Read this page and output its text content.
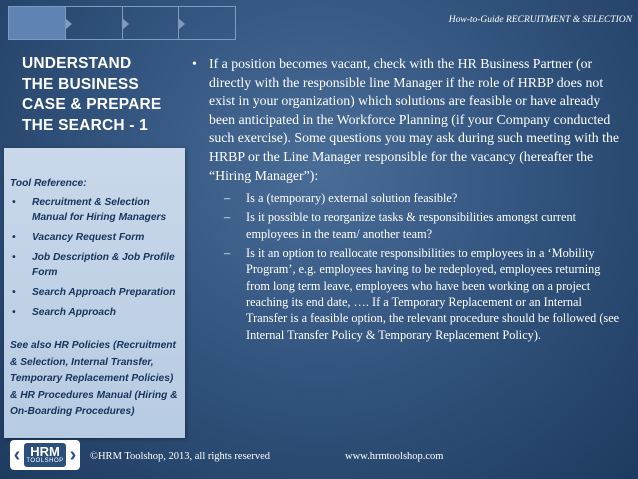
How-to-Guide RECRUITMENT & SELECTION
UNDERSTAND
THE BUSINESS
CASE & PREPARE
THE SEARCH - 1
Tool Reference:
• Recruitment & Selection Manual for Hiring Managers
• Vacancy Request Form
• Job Description & Job Profile Form
• Search Approach Preparation
• Search Approach
See also HR Policies (Recruitment & Selection, Internal Transfer, Temporary Replacement Policies) & HR Procedures Manual (Hiring & On-Boarding Procedures)
• If a position becomes vacant, check with the HR Business Partner (or directly with the responsible line Manager if the role of HRBP does not exist in your organization) which solutions are feasible or have already been anticipated in the Workforce Planning (if your Company conducted such exercise). Some questions you may ask during such meeting with the HRBP or the Line Manager responsible for the vacancy (hereafter the “Hiring Manager”):
– Is a (temporary) external solution feasible?
– Is it possible to reorganize tasks & responsibilities amongst current employees in the team/ another team?
– Is it an option to reallocate responsibilities to employees in a ‘Mobility Program’, e.g. employees having to be redeployed, employees returning from long term leave, employees who have been working on a project reaching its end date, …. If a Temporary Replacement or an Internal Transfer is a feasible option, the relevant procedure should be followed (see Internal Transfer Policy & Temporary Replacement Policy).
‹ HRM
TOOLSHOP ›	©HRM Toolshop, 2013, all rights reserved	www.hrmtoolshop.com
